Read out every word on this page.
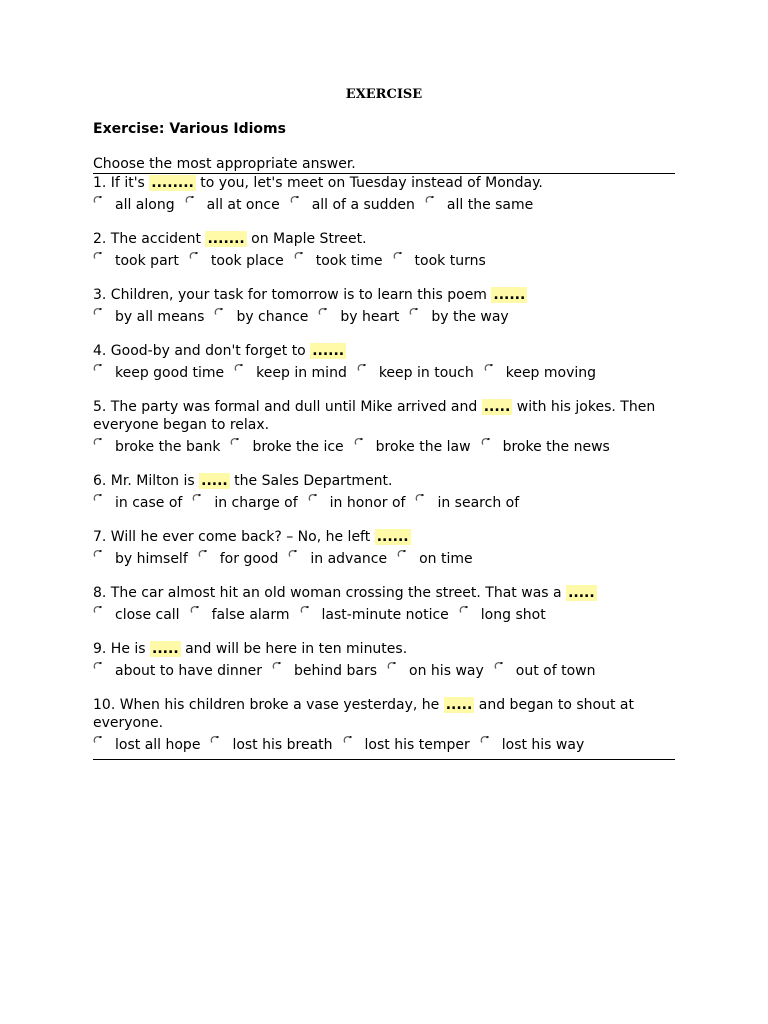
EXERCISE
Exercise: Various Idioms
Choose the most appropriate answer.

1. If it's ........ to you, let's meet on Tuesday instead of Monday.

all along all at once all of a sudden all the same

2. The accident ....... on Maple Street.

took part took place took time took turns

3. Children, your task for tomorrow is to learn this poem ......

by all means by chance by heart by the way

4. Good-by and don't forget to ......

keep good time keep in mind keep in touch keep moving

5. The party was formal and dull until Mike arrived and ..... with his jokes. Then everyone began to relax.

broke the bank broke the ice broke the law broke the news

6. Mr. Milton is ..... the Sales Department.

in case of in charge of in honor of in search of

7. Will he ever come back? – No, he left ......

by himself for good in advance on time

8. The car almost hit an old woman crossing the street. That was a .....

close call false alarm last-minute notice long shot

9. He is ..... and will be here in ten minutes.

about to have dinner behind bars on his way out of town

10. When his children broke a vase yesterday, he ..... and began to shout at everyone.

lost all hope lost his breath lost his temper lost his way
